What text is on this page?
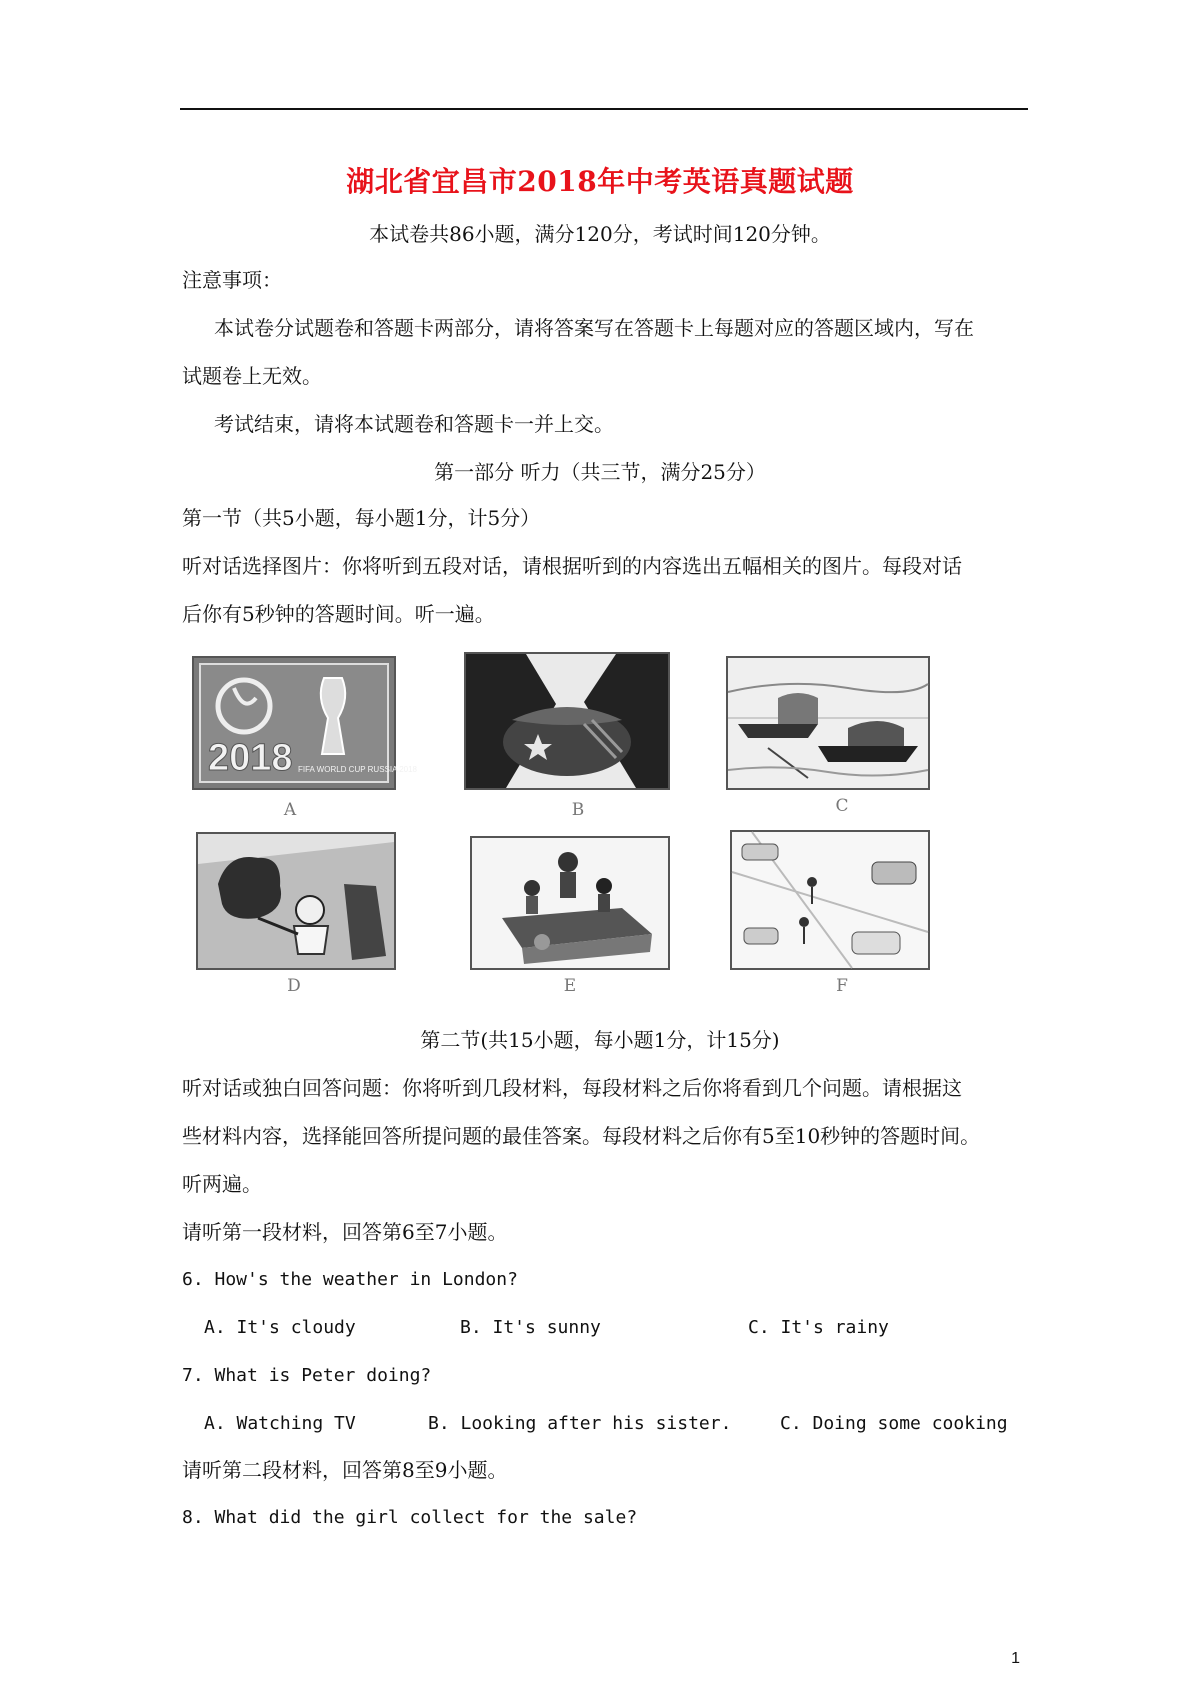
湖北省宜昌市2018年中考英语真题试题
本试卷共86小题，满分120分，考试时间120分钟。
注意事项：
本试卷分试题卷和答题卡两部分，请将答案写在答题卡上每题对应的答题区域内，写在
试题卷上无效。
考试结束，请将本试题卷和答题卡一并上交。
第一部分 听力（共三节，满分25分）
第一节（共5小题，每小题1分，计5分）
听对话选择图片：你将听到五段对话，请根据听到的内容选出五幅相关的图片。每段对话
后你有5秒钟的答题时间。听一遍。
2018 FIFA WORLD CUP RUSSIA 2018
A	B	C
D	E	F
第二节(共15小题，每小题1分，计15分)
听对话或独白回答问题：你将听到几段材料，每段材料之后你将看到几个问题。请根据这
些材料内容，选择能回答所提问题的最佳答案。每段材料之后你有5至10秒钟的答题时间。
听两遍。
请听第一段材料，回答第6至7小题。
6. How's the weather in London?
A. It's cloudy	B. It's sunny	C. It's rainy
7. What is Peter doing?
A. Watching TV	B. Looking after his sister.	C. Doing some cooking
请听第二段材料，回答第8至9小题。
8. What did the girl collect for the sale?
1
